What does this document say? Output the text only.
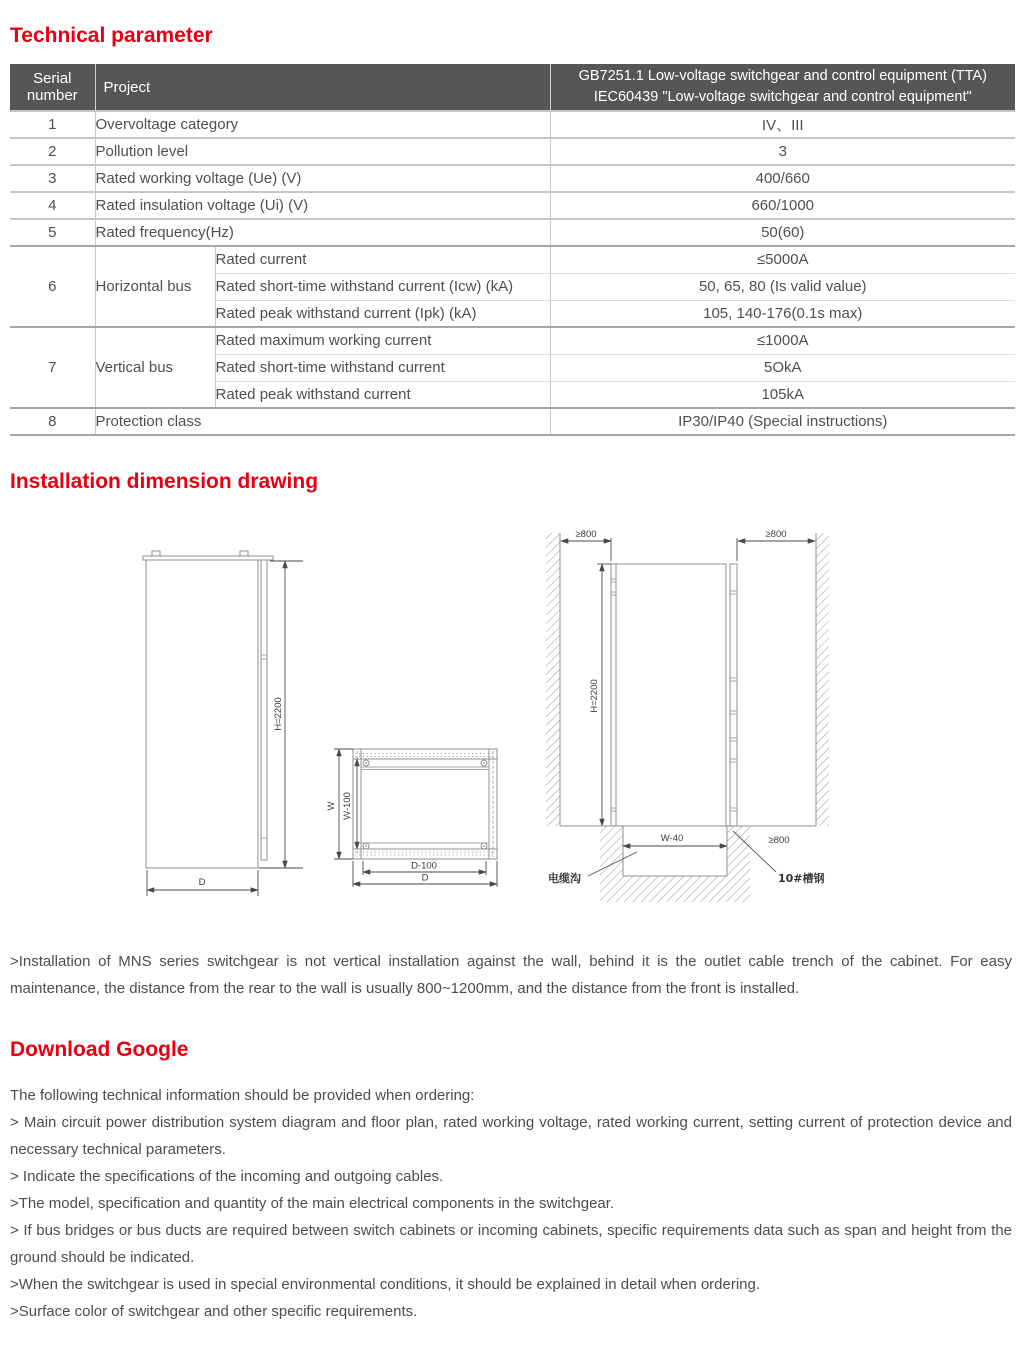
Technical parameter
Serial number	Project		GB7251.1 Low-voltage switchgear and control equipment (TTA)
IEC60439 "Low-voltage switchgear and control equipment"

1	Overvoltage category		IV、III
2	Pollution level		3
3	Rated working voltage (Ue) (V)		400/660
4	Rated insulation voltage (Ui) (V)		660/1000
5	Rated frequency(Hz)		50(60)
6	Horizontal bus	Rated current	≤5000A
		Rated short-time withstand current (Icw) (kA)	50, 65, 80 (Is valid value)
		Rated peak withstand current (Ipk) (kA)	105, 140-176(0.1s max)
7	Vertical bus	Rated maximum working current	≤1000A
		Rated short-time withstand current	5OkA
		Rated peak withstand current	105kA
8	Protection class		IP30/IP40 (Special instructions)
Installation dimension drawing
H=2200
D
W W-100
D-100
D
≥800	≥800
H=2200
W-40	≥800
电缆沟	10#槽钢

>Installation of MNS series switchgear is not vertical installation against the wall, behind it is the outlet cable trench of the cabinet. For easy maintenance, the distance from the rear to the wall is usually 800~1200mm, and the distance from the front is installed.

Download Google

The following technical information should be provided when ordering:

> Main circuit power distribution system diagram and floor plan, rated working voltage, rated working current, setting current of protection device and necessary technical parameters.

> Indicate the specifications of the incoming and outgoing cables.

>The model, specification and quantity of the main electrical components in the switchgear.

> If bus bridges or bus ducts are required between switch cabinets or incoming cabinets, specific requirements data such as span and height from the ground should be indicated.

>When the switchgear is used in special environmental conditions, it should be explained in detail when ordering.

>Surface color of switchgear and other specific requirements.
